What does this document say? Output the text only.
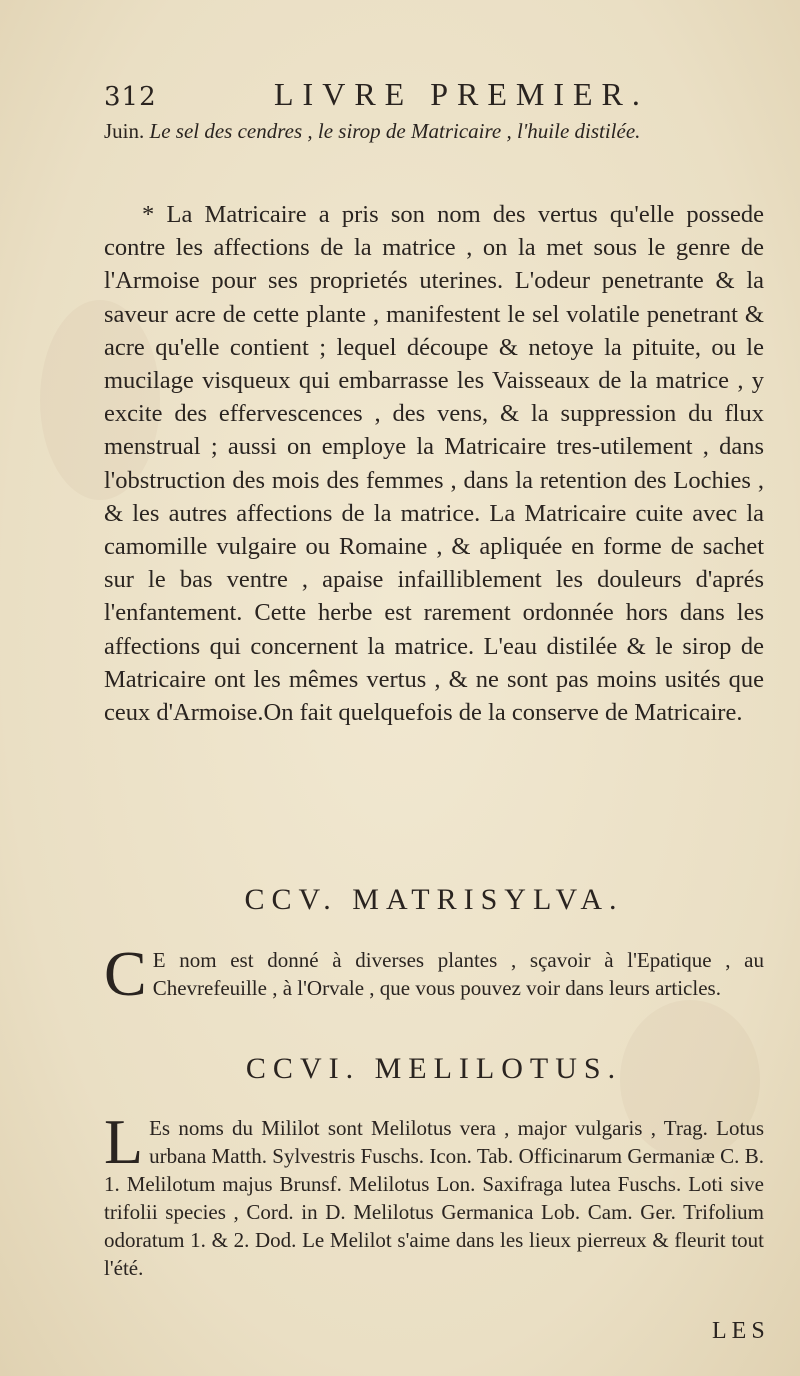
312	LIVRE PREMIER.
Juin. Le sel des cendres , le sirop de Matricaire , l'huile distilée.
* La Matricaire a pris son nom des vertus qu'elle possede contre les affections de la matrice , on la met sous le genre de l'Armoise pour ses proprietés uterines. L'odeur penetrante & la saveur acre de cette plante , manifestent le sel volatile penetrant & acre qu'elle contient ; lequel découpe & netoye la pituite, ou le mucilage visqueux qui embarrasse les Vaisseaux de la matrice , y excite des effervescences , des vens, & la suppression du flux menstrual ; aussi on employe la Matricaire tres-utilement , dans l'obstruction des mois des femmes , dans la retention des Lochies , & les autres affections de la matrice. La Matricaire cuite avec la camomille vulgaire ou Romaine , & apliquée en forme de sachet sur le bas ventre , apaise infailliblement les douleurs d'aprés l'enfantement. Cette herbe est rarement ordonnée hors dans les affections qui concernent la matrice. L'eau distilée & le sirop de Matricaire ont les mêmes vertus , & ne sont pas moins usités que ceux d'Armoise.On fait quelquefois de la conserve de Matricaire.
CCV. MATRISYLVA.
C E nom est donné à diverses plantes , sçavoir à l'Epatique , au Chevrefeuille , à l'Orvale , que vous pouvez voir dans leurs articles.
CCVI. MELILOTUS.
L Es noms du Mililot sont Melilotus vera , major vulgaris , Trag. Lotus urbana Matth. Sylvestris Fuschs. Icon. Tab. Officinarum Germaniæ C. B. 1. Melilotum majus Brunsf. Melilotus Lon. Saxifraga lutea Fuschs. Loti sive trifolii species , Cord. in D. Melilotus Germanica Lob. Cam. Ger. Trifolium odoratum 1. & 2. Dod. Le Melilot s'aime dans les lieux pierreux & fleurit tout l'été.
LES
